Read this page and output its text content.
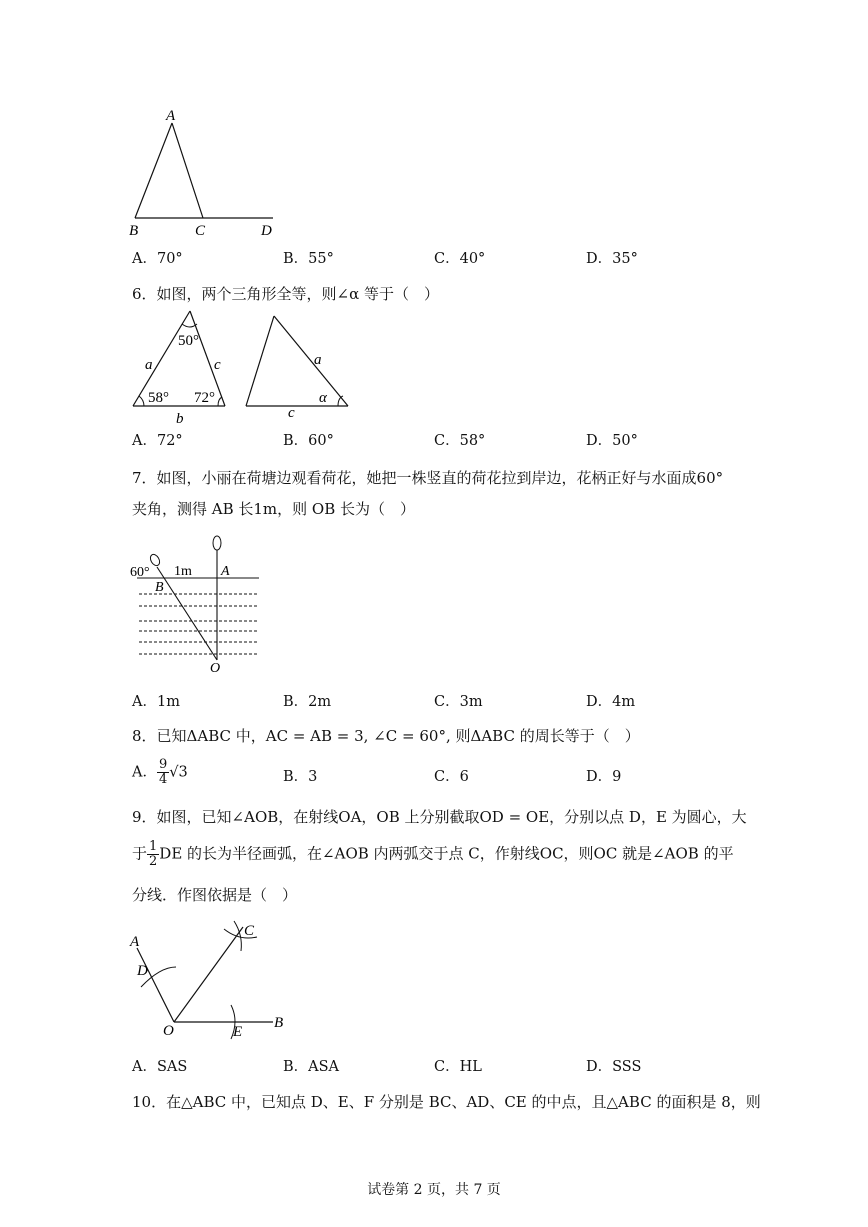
A
B	C	D
A．70°	B．55°	C．40°	D．35°
6．如图，两个三角形全等，则∠α 等于（　）
50°
a	c
58° 72°
b
a
α
c
A．72°	B．60°	C．58°	D．50°
7．如图，小丽在荷塘边观看荷花，她把一株竖直的荷花拉到岸边，花柄正好与水面成60°
夹角，测得 AB 长1m，则 OB 长为（　）
60° 1m A
B
O
A．1m	B．2m	C．3m	D．4m
8．已知ΔABC 中，AC = AB = 3, ∠C = 60°, 则ΔABC 的周长等于（　）
A． $\frac{9}{4} √3$	B．3	C．6	D．9
9．如图，已知∠AOB，在射线OA，OB 上分别截取OD = OE，分别以点 D，E 为圆心，大
于 $\frac{1}{2}$ DE 的长为半径画弧，在∠AOB 内两弧交于点 C，作射线OC，则OC 就是∠AOB 的平
分线．作图依据是（　）
A
D
O	E
B
C
A．SAS	B．ASA	C．HL	D．SSS
10．在△ABC 中，已知点 D、E、F 分别是 BC、AD、CE 的中点，且△ABC 的面积是 8，则
试卷第 2 页，共 7 页
